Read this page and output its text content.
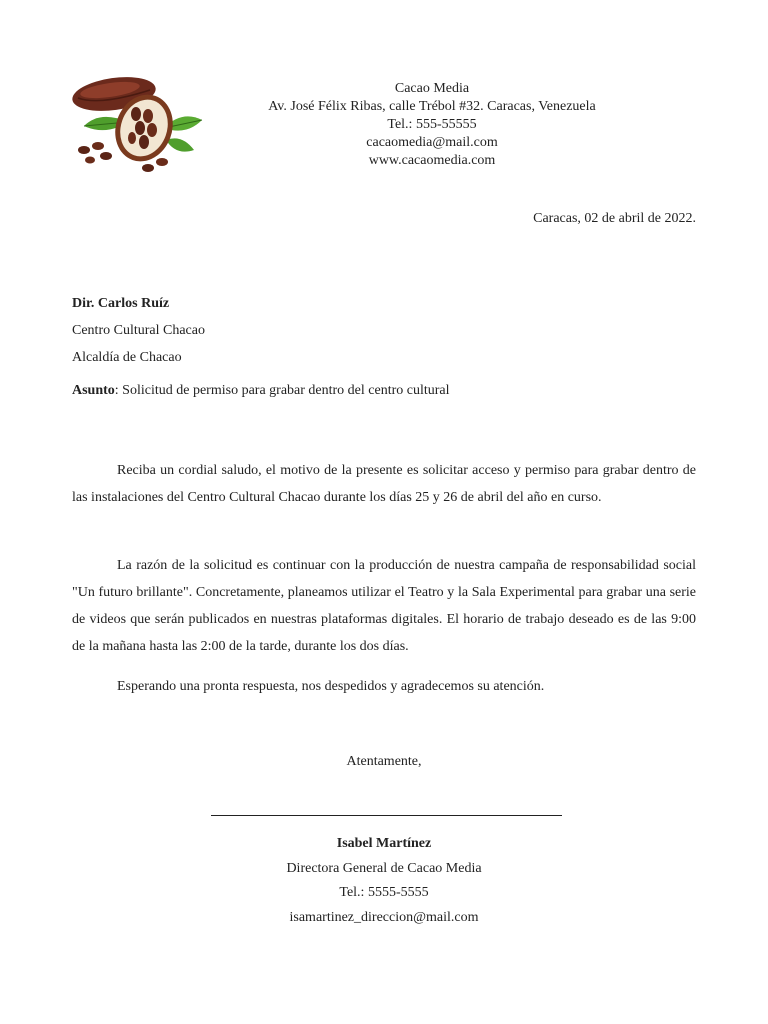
Cacao Media
Av. José Félix Ribas, calle Trébol #32. Caracas, Venezuela
Tel.: 555-55555
cacaomedia@mail.com
www.cacaomedia.com
Caracas, 02 de abril de 2022.
Dir. Carlos Ruíz
Centro Cultural Chacao
Alcaldía de Chacao
Asunto: Solicitud de permiso para grabar dentro del centro cultural
Reciba un cordial saludo, el motivo de la presente es solicitar acceso y permiso para grabar dentro de las instalaciones del Centro Cultural Chacao durante los días 25 y 26 de abril del año en curso.
La razón de la solicitud es continuar con la producción de nuestra campaña de responsabilidad social "Un futuro brillante". Concretamente, planeamos utilizar el Teatro y la Sala Experimental para grabar una serie de videos que serán publicados en nuestras plataformas digitales. El horario de trabajo deseado es de las 9:00 de la mañana hasta las 2:00 de la tarde, durante los dos días.
Esperando una pronta respuesta, nos despedidos y agradecemos su atención.
Atentamente,
Isabel Martínez
Directora General de Cacao Media
Tel.: 5555-5555
isamartinez_direccion@mail.com
